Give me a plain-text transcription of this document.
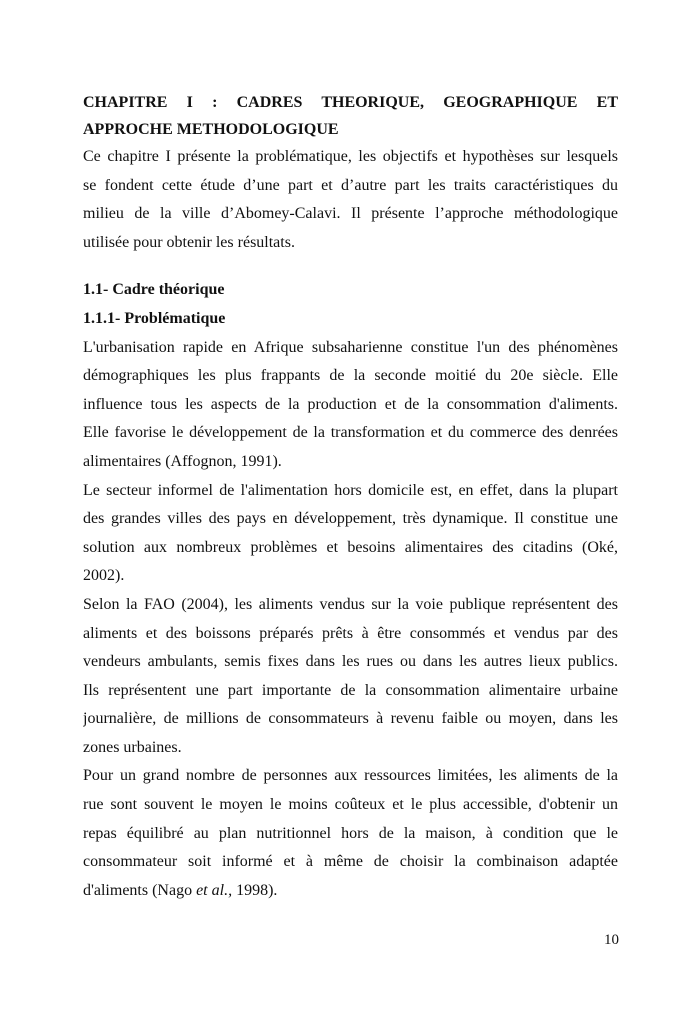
CHAPITRE I : CADRES THEORIQUE, GEOGRAPHIQUE ET
APPROCHE METHODOLOGIQUE
Ce chapitre I présente la problématique, les objectifs et hypothèses sur lesquels
se fondent cette étude d’une part et d’autre part les traits caractéristiques du
milieu de la ville d’Abomey-Calavi. Il présente l’approche méthodologique
utilisée pour obtenir les résultats.
1.1- Cadre théorique
1.1.1- Problématique
L'urbanisation rapide en Afrique subsaharienne constitue l'un des phénomènes
démographiques les plus frappants de la seconde moitié du 20e siècle. Elle
influence tous les aspects de la production et de la consommation d'aliments.
Elle favorise le développement de la transformation et du commerce des denrées
alimentaires (Affognon, 1991).
Le secteur informel de l'alimentation hors domicile est, en effet, dans la plupart
des grandes villes des pays en développement, très dynamique. Il constitue une
solution aux nombreux problèmes et besoins alimentaires des citadins (Oké,
2002).
Selon la FAO (2004), les aliments vendus sur la voie publique représentent des
aliments et des boissons préparés prêts à être consommés et vendus par des
vendeurs ambulants, semis fixes dans les rues ou dans les autres lieux publics.
Ils représentent une part importante de la consommation alimentaire urbaine
journalière, de millions de consommateurs à revenu faible ou moyen, dans les
zones urbaines.
Pour un grand nombre de personnes aux ressources limitées, les aliments de la
rue sont souvent le moyen le moins coûteux et le plus accessible, d'obtenir un
repas équilibré au plan nutritionnel hors de la maison, à condition que le
consommateur soit informé et à même de choisir la combinaison adaptée
d'aliments (Nago et al., 1998).
10
